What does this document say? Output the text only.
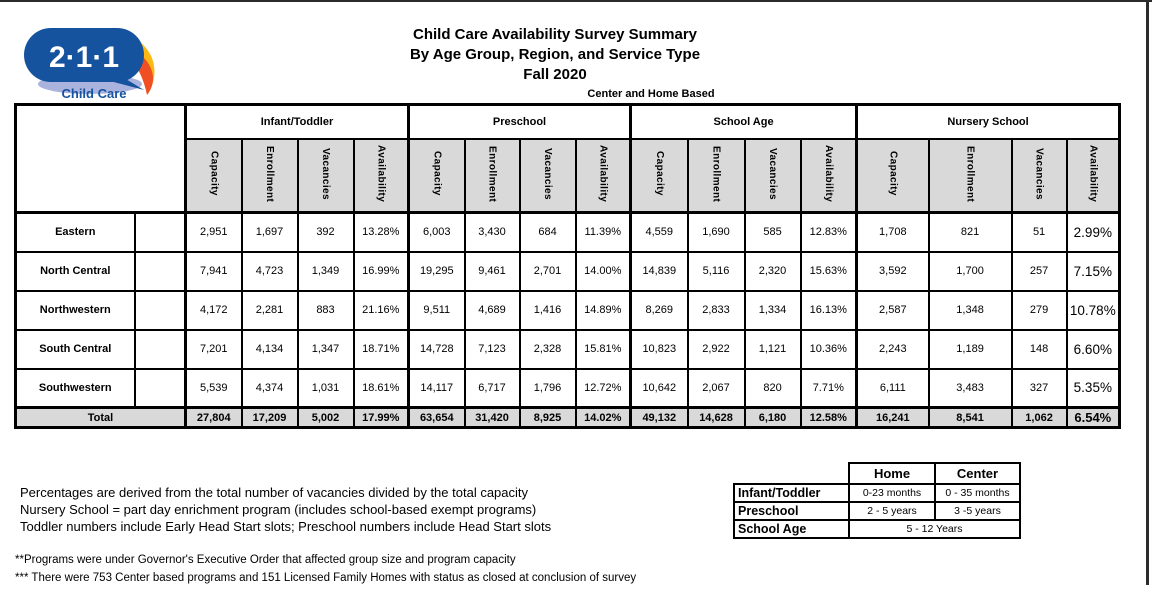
2·1·1
Child Care
Child Care Availability Survey Summary
By Age Group, Region, and Service Type
Fall 2020
Center and Home Based
		Infant/Toddler				Preschool				School Age				Nursery School			
		Capacity	Enrollment	Vacancies	Availability	Capacity	Enrollment	Vacancies	Availability	Capacity	Enrollment	Vacancies	Availability	Capacity	Enrollment	Vacancies	Availability
Eastern		2,951	1,697	392	13.28%	6,003	3,430	684	11.39%	4,559	1,690	585	12.83%	1,708	821	51	2.99%
North Central		7,941	4,723	1,349	16.99%	19,295	9,461	2,701	14.00%	14,839	5,116	2,320	15.63%	3,592	1,700	257	7.15%
Northwestern		4,172	2,281	883	21.16%	9,511	4,689	1,416	14.89%	8,269	2,833	1,334	16.13%	2,587	1,348	279	10.78%
South Central		7,201	4,134	1,347	18.71%	14,728	7,123	2,328	15.81%	10,823	2,922	1,121	10.36%	2,243	1,189	148	6.60%
Southwestern		5,539	4,374	1,031	18.61%	14,117	6,717	1,796	12.72%	10,642	2,067	820	7.71%	6,111	3,483	327	5.35%
Total		27,804	17,209	5,002	17.99%	63,654	31,420	8,925	14.02%	49,132	14,628	6,180	12.58%	16,241	8,541	1,062	6.54%
Percentages are derived from the total number of vacancies divided by the total capacity
Nursery School = part day enrichment program (includes school-based exempt programs)
Toddler numbers include Early Head Start slots; Preschool numbers include Head Start slots
**Programs were under Governor's Executive Order that affected group size and program capacity
*** There were 753 Center based programs and 151 Licensed Family Homes with status as closed at conclusion of survey
	Home	Center
Infant/Toddler	0-23 months	0 - 35 months
Preschool	2 - 5 years	3 -5 years
School Age	5 - 12 Years	
